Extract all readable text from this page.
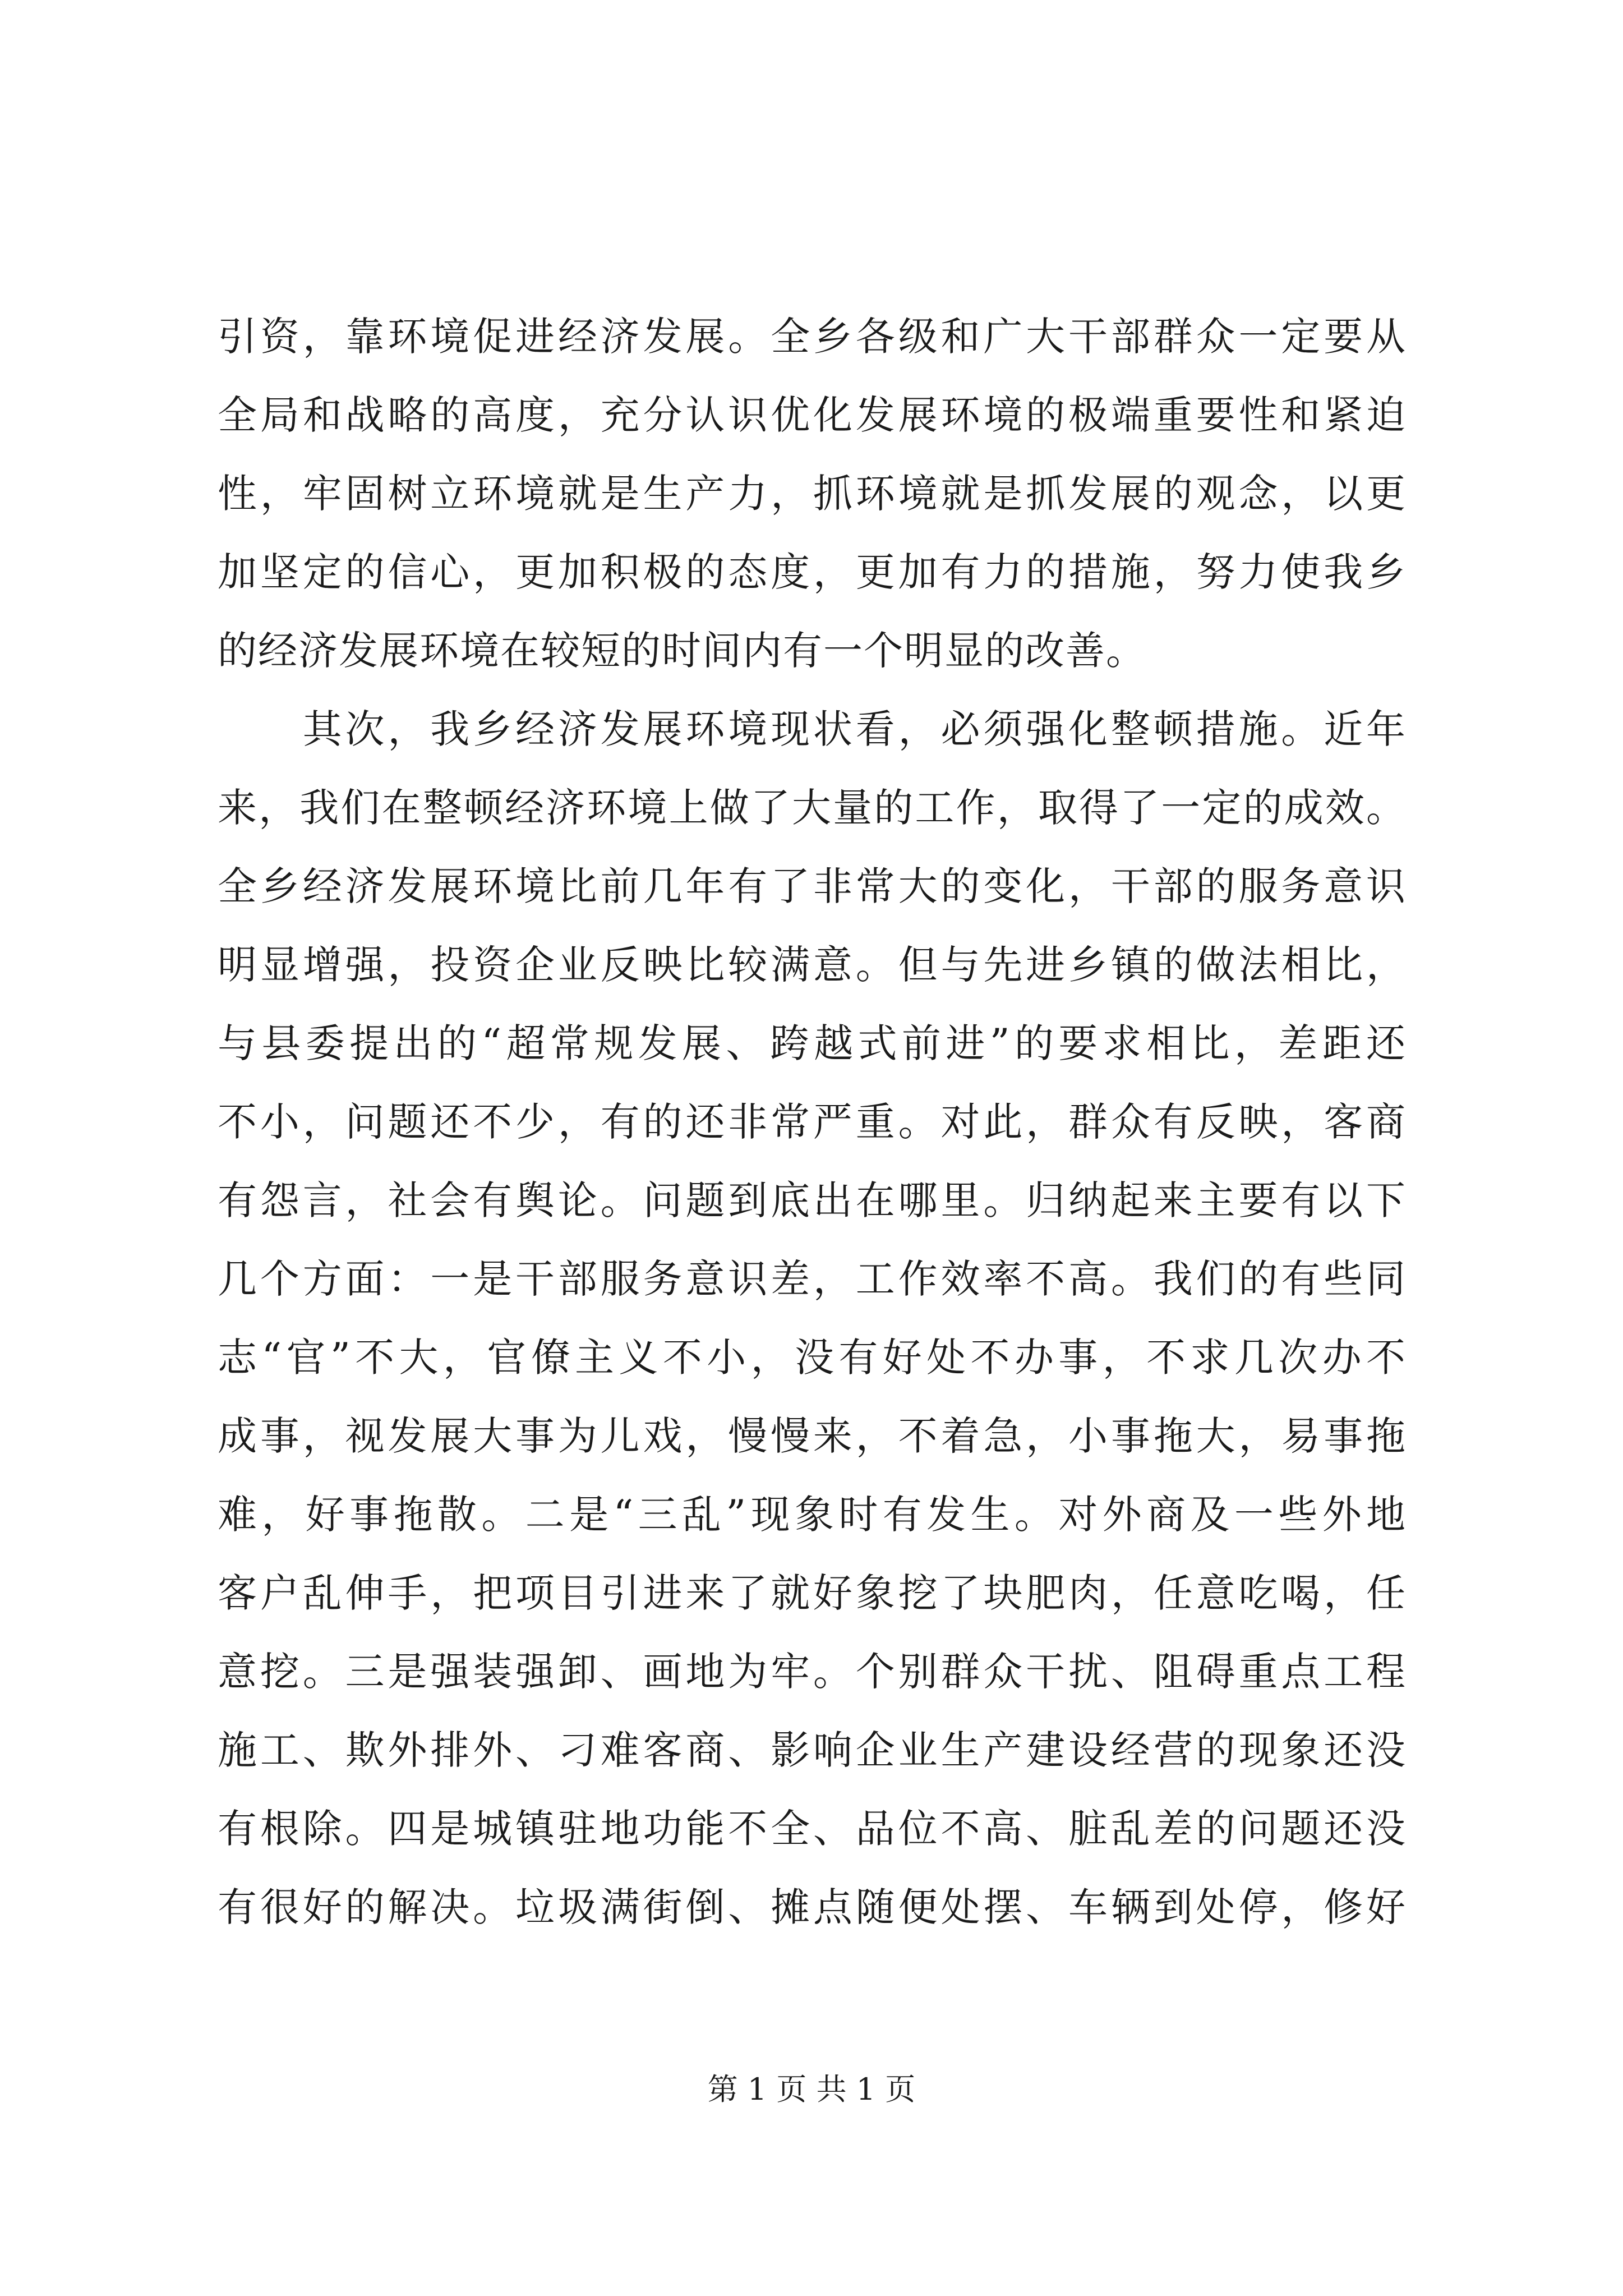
引资，靠环境促进经济发展。全乡各级和广大干部群众一定要从
全局和战略的高度，充分认识优化发展环境的极端重要性和紧迫
性，牢固树立环境就是生产力，抓环境就是抓发展的观念，以更
加坚定的信心，更加积极的态度，更加有力的措施，努力使我乡
的经济发展环境在较短的时间内有一个明显的改善。
　　其次，我乡经济发展环境现状看，必须强化整顿措施。近年
来，我们在整顿经济环境上做了大量的工作，取得了一定的成效。
全乡经济发展环境比前几年有了非常大的变化，干部的服务意识
明显增强，投资企业反映比较满意。但与先进乡镇的做法相比，
与县委提出的“超常规发展、跨越式前进”的要求相比，差距还
不小，问题还不少，有的还非常严重。对此，群众有反映，客商
有怨言，社会有舆论。问题到底出在哪里。归纳起来主要有以下
几个方面：一是干部服务意识差，工作效率不高。我们的有些同
志“官”不大，官僚主义不小，没有好处不办事，不求几次办不
成事，视发展大事为儿戏，慢慢来，不着急，小事拖大，易事拖
难，好事拖散。二是“三乱”现象时有发生。对外商及一些外地
客户乱伸手，把项目引进来了就好象挖了块肥肉，任意吃喝，任
意挖。三是强装强卸、画地为牢。个别群众干扰、阻碍重点工程
施工、欺外排外、刁难客商、影响企业生产建设经营的现象还没
有根除。四是城镇驻地功能不全、品位不高、脏乱差的问题还没
有很好的解决。垃圾满街倒、摊点随便处摆、车辆到处停，修好
第 1 页 共 1 页
